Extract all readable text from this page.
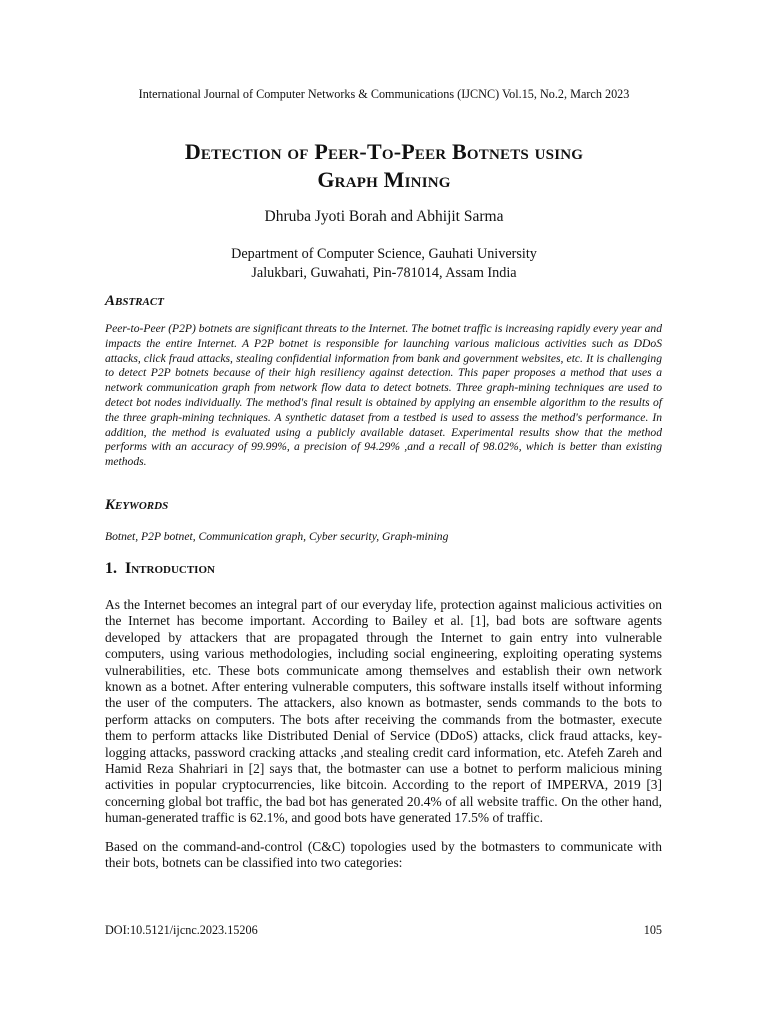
International Journal of Computer Networks & Communications (IJCNC) Vol.15, No.2, March 2023
Detection of Peer-To-Peer Botnets using
Graph Mining
Dhruba Jyoti Borah and Abhijit Sarma
Department of Computer Science, Gauhati University
Jalukbari, Guwahati, Pin-781014, Assam India
Abstract

Peer-to-Peer (P2P) botnets are significant threats to the Internet. The botnet traffic is increasing rapidly every year and impacts the entire Internet. A P2P botnet is responsible for launching various malicious activities such as DDoS attacks, click fraud attacks, stealing confidential information from bank and government websites, etc. It is challenging to detect P2P botnets because of their high resiliency against detection. This paper proposes a method that uses a network communication graph from network flow data to detect botnets. Three graph-mining techniques are used to detect bot nodes individually. The method's final result is obtained by applying an ensemble algorithm to the results of the three graph-mining techniques. A synthetic dataset from a testbed is used to assess the method's performance. In addition, the method is evaluated using a publicly available dataset. Experimental results show that the method performs with an accuracy of 99.99%, a precision of 94.29% ,and a recall of 98.02%, which is better than existing methods.

Keywords
Botnet, P2P botnet, Communication graph, Cyber security, Graph-mining
1. Introduction

As the Internet becomes an integral part of our everyday life, protection against malicious activities on the Internet has become important. According to Bailey et al. [1], bad bots are software agents developed by attackers that are propagated through the Internet to gain entry into vulnerable computers, using various methodologies, including social engineering, exploiting operating systems vulnerabilities, etc. These bots communicate among themselves and establish their own network known as a botnet. After entering vulnerable computers, this software installs itself without informing the user of the computers. The attackers, also known as botmaster, sends commands to the bots to perform attacks on computers. The bots after receiving the commands from the botmaster, execute them to perform attacks like Distributed Denial of Service (DDoS) attacks, click fraud attacks, key-logging attacks, password cracking attacks ,and stealing credit card information, etc. Atefeh Zareh and Hamid Reza Shahriari in [2] says that, the botmaster can use a botnet to perform malicious mining activities in popular cryptocurrencies, like bitcoin. According to the report of IMPERVA, 2019 [3] concerning global bot traffic, the bad bot has generated 20.4% of all website traffic. On the other hand, human-generated traffic is 62.1%, and good bots have generated 17.5% of traffic.

Based on the command-and-control (C&C) topologies used by the botmasters to communicate with their bots, botnets can be classified into two categories:

DOI:10.5121/ijcnc.2023.15206	105
